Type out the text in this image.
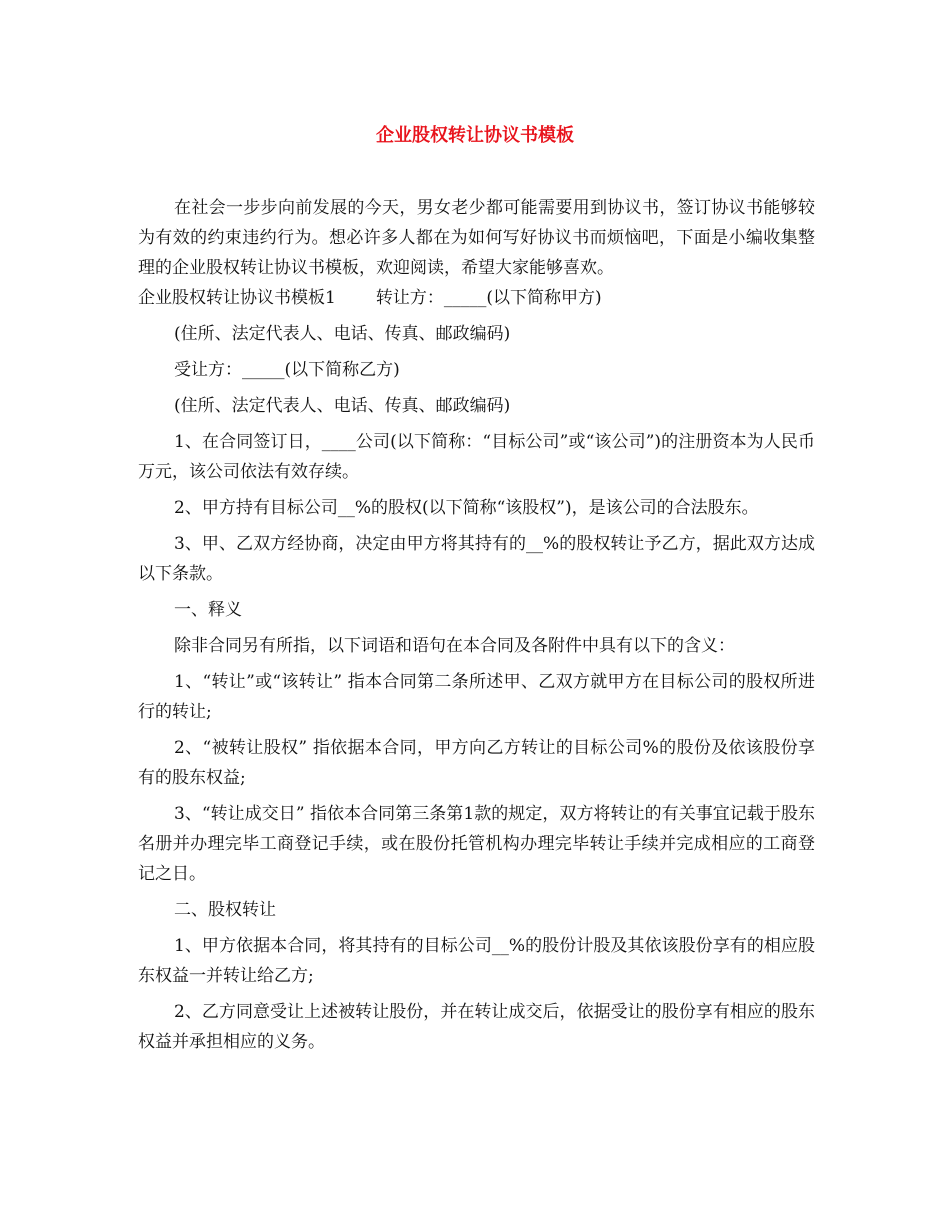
企业股权转让协议书模板

在社会一步步向前发展的今天，男女老少都可能需要用到协议书，签订协议书能够较为有效的约束违约行为。想必许多人都在为如何写好协议书而烦恼吧，下面是小编收集整理的企业股权转让协议书模板，欢迎阅读，希望大家能够喜欢。

企业股权转让协议书模板1 转让方：_____(以下简称甲方)

(住所、法定代表人、电话、传真、邮政编码)

受让方：_____(以下简称乙方)

(住所、法定代表人、电话、传真、邮政编码)

1、在合同签订日，____公司(以下简称：“目标公司”或“该公司”)的注册资本为人民币万元，该公司依法有效存续。

2、甲方持有目标公司__%的股权(以下简称“该股权”)，是该公司的合法股东。

3、甲、乙双方经协商，决定由甲方将其持有的__%的股权转让予乙方，据此双方达成以下条款。

一、释义

除非合同另有所指，以下词语和语句在本合同及各附件中具有以下的含义：

1、“转让”或“该转让” 指本合同第二条所述甲、乙双方就甲方在目标公司的股权所进行的转让;

2、“被转让股权” 指依据本合同，甲方向乙方转让的目标公司%的股份及依该股份享有的股东权益;

3、“转让成交日” 指依本合同第三条第1款的规定，双方将转让的有关事宜记载于股东名册并办理完毕工商登记手续，或在股份托管机构办理完毕转让手续并完成相应的工商登记之日。

二、股权转让

1、甲方依据本合同，将其持有的目标公司__%的股份计股及其依该股份享有的相应股东权益一并转让给乙方;

2、乙方同意受让上述被转让股份，并在转让成交后，依据受让的股份享有相应的股东权益并承担相应的义务。
